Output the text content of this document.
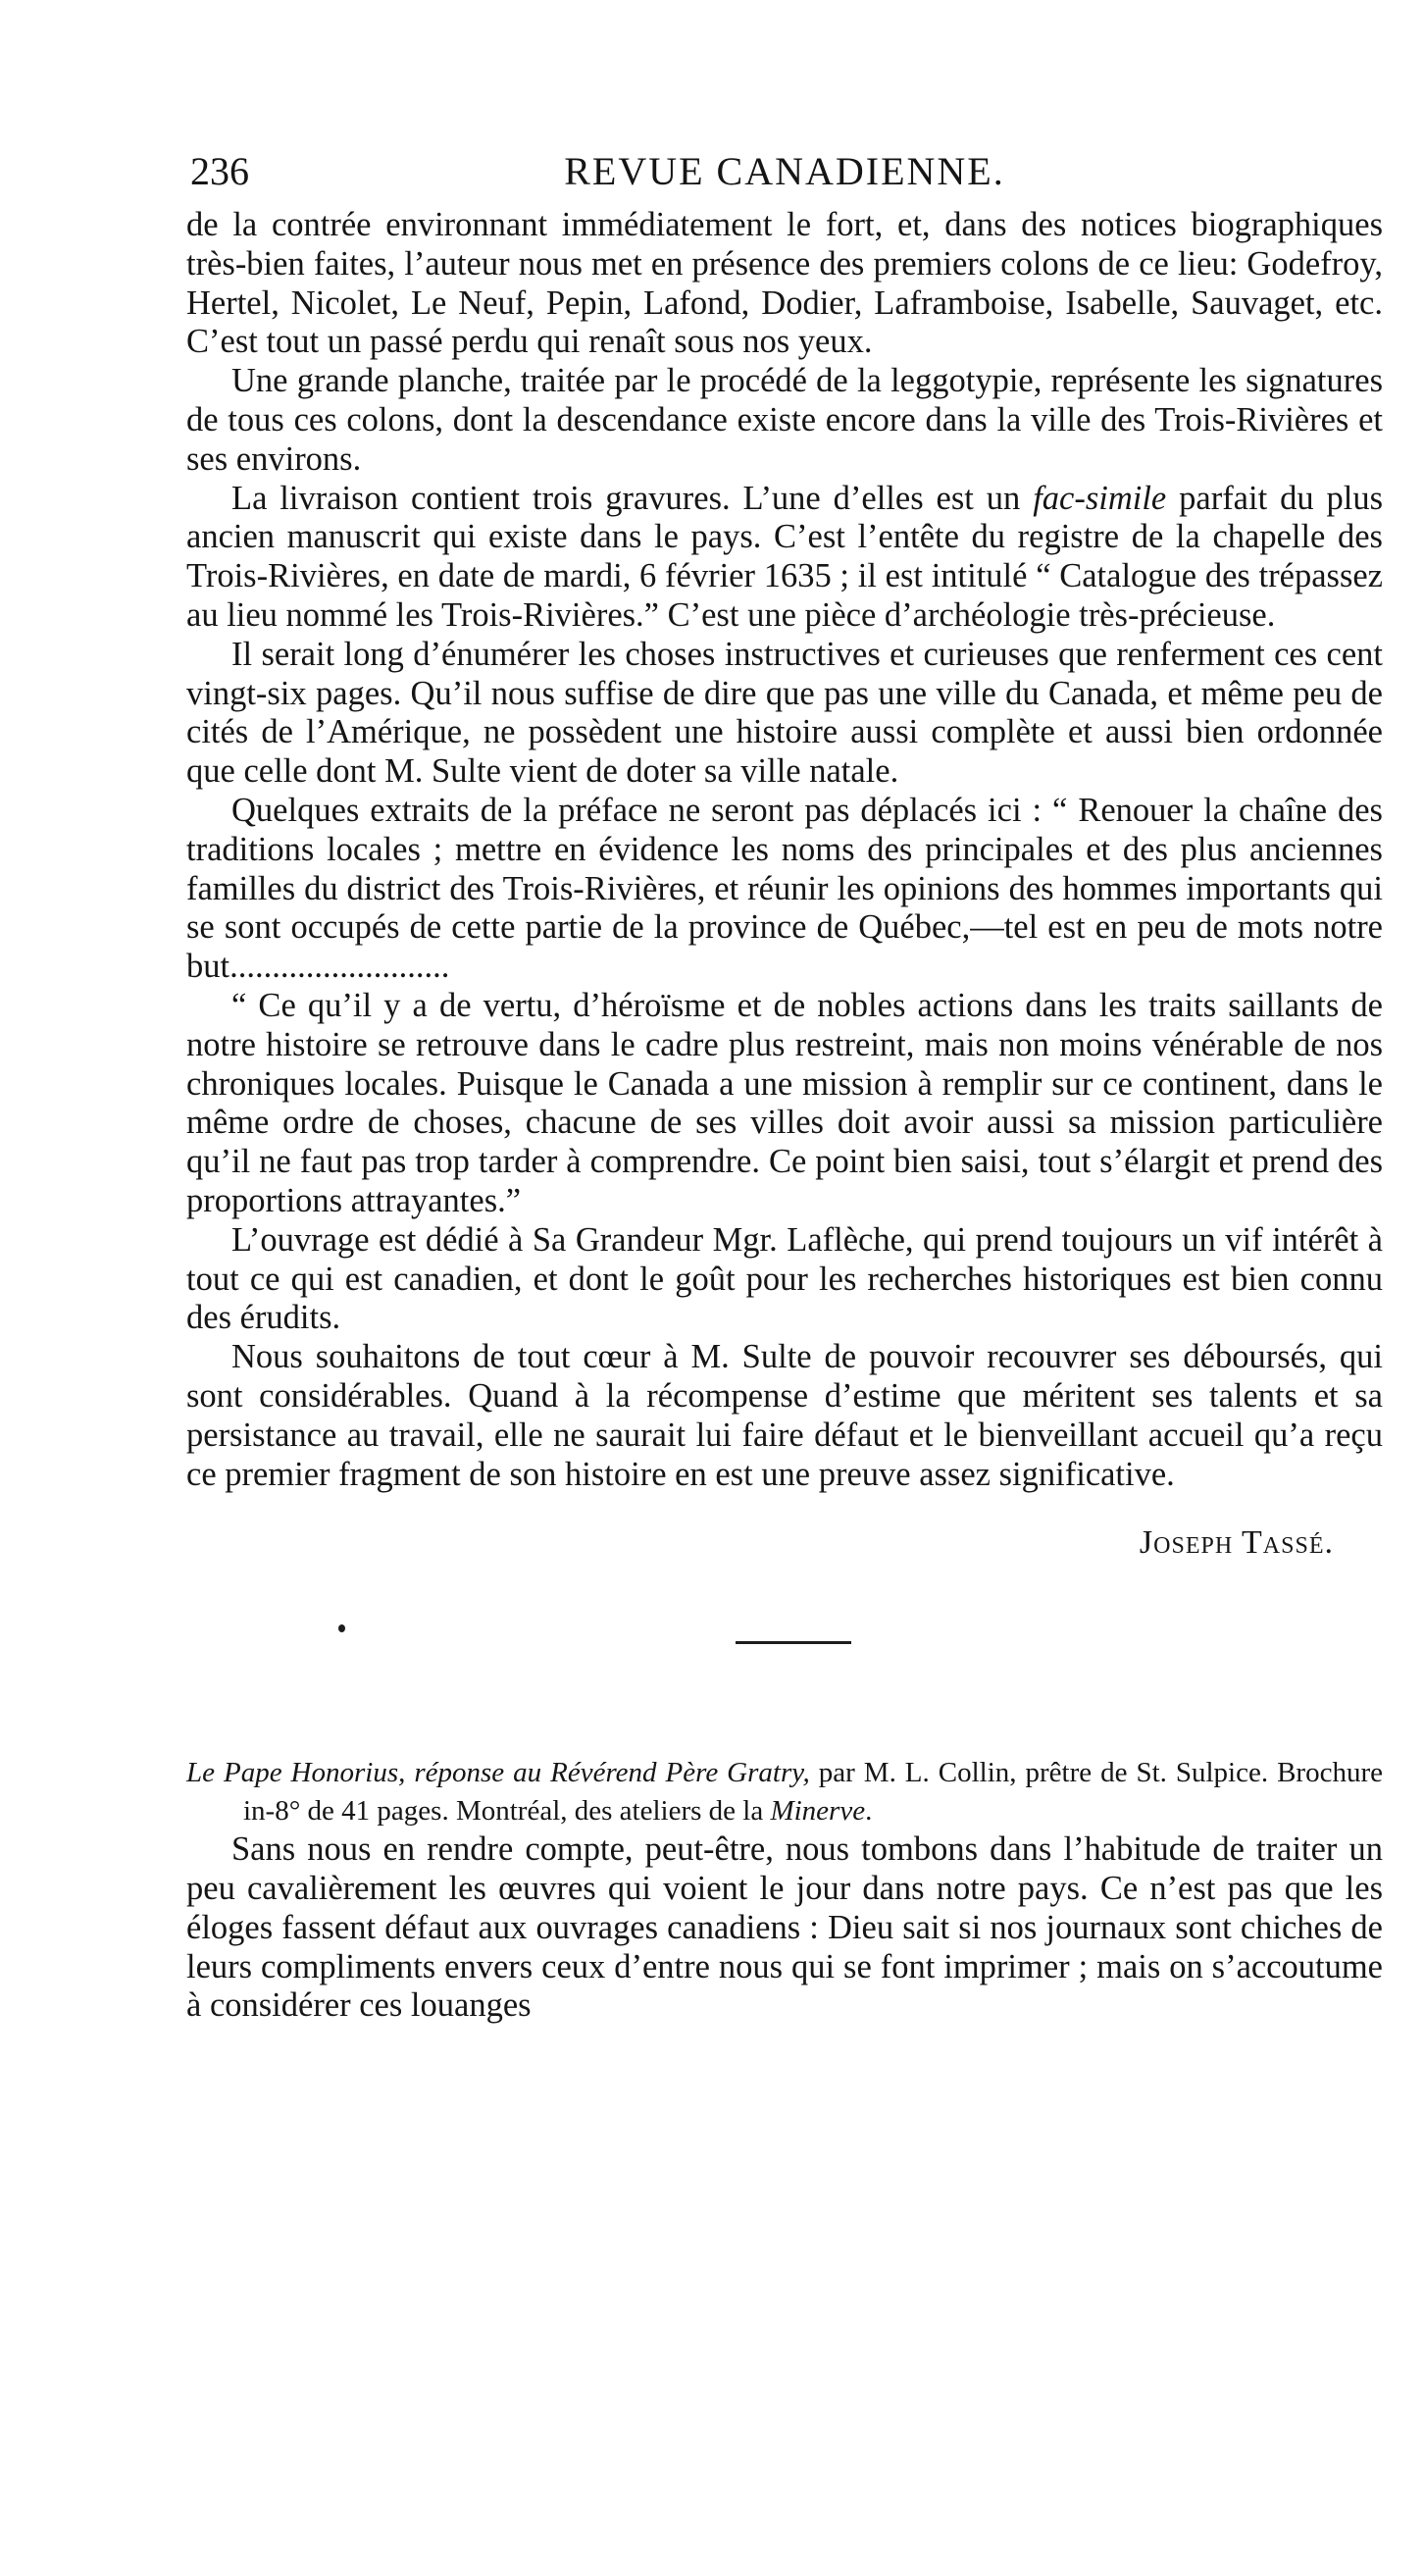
236	REVUE CANADIENNE.

de la contrée environnant immédiatement le fort, et, dans des notices biographiques très-bien faites, l’auteur nous met en présence des premiers colons de ce lieu: Godefroy, Hertel, Nicolet, Le Neuf, Pepin, Lafond, Dodier, Laframboise, Isabelle, Sauvaget, etc. C’est tout un passé perdu qui renaît sous nos yeux.

Une grande planche, traitée par le procédé de la leggotypie, représente les signatures de tous ces colons, dont la descendance existe encore dans la ville des Trois-Rivières et ses environs.

La livraison contient trois gravures. L’une d’elles est un fac-simile parfait du plus ancien manuscrit qui existe dans le pays. C’est l’entête du registre de la chapelle des Trois-Rivières, en date de mardi, 6 février 1635 ; il est intitulé “ Catalogue des trépassez au lieu nommé les Trois-Rivières.” C’est une pièce d’archéologie très-précieuse.

Il serait long d’énumérer les choses instructives et curieuses que renferment ces cent vingt-six pages. Qu’il nous suffise de dire que pas une ville du Canada, et même peu de cités de l’Amérique, ne possèdent une histoire aussi complète et aussi bien ordonnée que celle dont M. Sulte vient de doter sa ville natale.

Quelques extraits de la préface ne seront pas déplacés ici : “ Renouer la chaîne des traditions locales ; mettre en évidence les noms des principales et des plus anciennes familles du district des Trois-Rivières, et réunir les opinions des hommes importants qui se sont occupés de cette partie de la province de Québec,—tel est en peu de mots notre but..........................

“ Ce qu’il y a de vertu, d’héroïsme et de nobles actions dans les traits saillants de notre histoire se retrouve dans le cadre plus restreint, mais non moins vénérable de nos chroniques locales. Puisque le Canada a une mission à remplir sur ce continent, dans le même ordre de choses, chacune de ses villes doit avoir aussi sa mission particulière qu’il ne faut pas trop tarder à comprendre. Ce point bien saisi, tout s’élargit et prend des proportions attrayantes.”

L’ouvrage est dédié à Sa Grandeur Mgr. Laflèche, qui prend toujours un vif intérêt à tout ce qui est canadien, et dont le goût pour les recherches historiques est bien connu des érudits.

Nous souhaitons de tout cœur à M. Sulte de pouvoir recouvrer ses déboursés, qui sont considérables. Quand à la récompense d’estime que méritent ses talents et sa persistance au travail, elle ne saurait lui faire défaut et le bienveillant accueil qu’a reçu ce premier fragment de son histoire en est une preuve assez significative.

Joseph Tassé.
Le Pape Honorius, réponse au Révérend Père Gratry, par M. L. Collin, prêtre de St. Sulpice. Brochure in-8° de 41 pages. Montréal, des ateliers de la Minerve.

Sans nous en rendre compte, peut-être, nous tombons dans l’habitude de traiter un peu cavalièrement les œuvres qui voient le jour dans notre pays. Ce n’est pas que les éloges fassent défaut aux ouvrages canadiens : Dieu sait si nos journaux sont chiches de leurs compliments envers ceux d’entre nous qui se font imprimer ; mais on s’accoutume à considérer ces louanges
